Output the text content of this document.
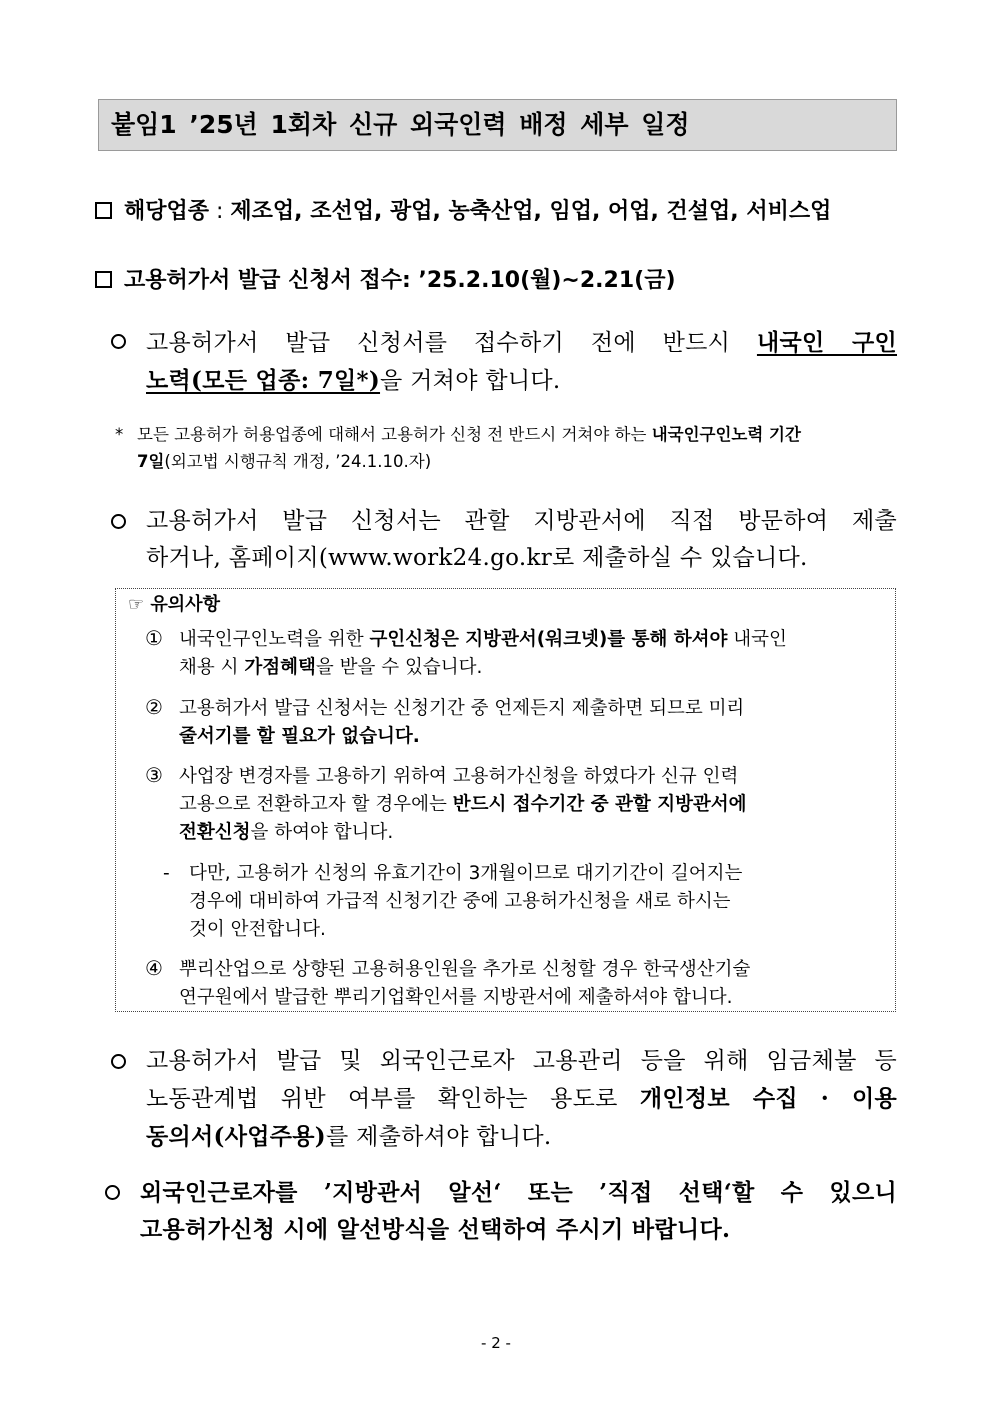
붙임1 ’25년 1회차 신규 외국인력 배정 세부 일정
해당업종 : 제조업, 조선업, 광업, 농축산업, 임업, 어업, 건설업, 서비스업
고용허가서 발급 신청서 접수: ’25.2.10(월)~2.21(금)
고용허가서 발급 신청서를 접수하기 전에 반드시 내국인 구인
노력(모든 업종: 7일*)을 거쳐야 합니다.
* 모든 고용허가 허용업종에 대해서 고용허가 신청 전 반드시 거쳐야 하는 내국인구인노력 기간
7일(외고법 시행규칙 개정, ’24.1.10.자)
고용허가서 발급 신청서는 관할 지방관서에 직접 방문하여 제출
하거나, 홈페이지(www.work24.go.kr로 제출하실 수 있습니다.
☞ 유의사항
① 내국인구인노력을 위한 구인신청은 지방관서(워크넷)를 통해 하셔야 내국인
채용 시 가점혜택을 받을 수 있습니다.
② 고용허가서 발급 신청서는 신청기간 중 언제든지 제출하면 되므로 미리
줄서기를 할 필요가 없습니다.
③ 사업장 변경자를 고용하기 위하여 고용허가신청을 하였다가 신규 인력
고용으로 전환하고자 할 경우에는 반드시 접수기간 중 관할 지방관서에
전환신청을 하여야 합니다.
-	다만, 고용허가 신청의 유효기간이 3개월이므로 대기기간이 길어지는
경우에 대비하여 가급적 신청기간 중에 고용허가신청을 새로 하시는
것이 안전합니다.
④ 뿌리산업으로 상향된 고용허용인원을 추가로 신청할 경우 한국생산기술
연구원에서 발급한 뿌리기업확인서를 지방관서에 제출하셔야 합니다.
고용허가서 발급 및 외국인근로자 고용관리 등을 위해 임금체불 등
노동관계법 위반 여부를 확인하는 용도로 개인정보 수집 · 이용
동의서(사업주용)를 제출하셔야 합니다.
외국인근로자를 ’지방관서 알선‘ 또는 ’직접 선택‘할 수 있으니
고용허가신청 시에 알선방식을 선택하여 주시기 바랍니다.
- 2 -
